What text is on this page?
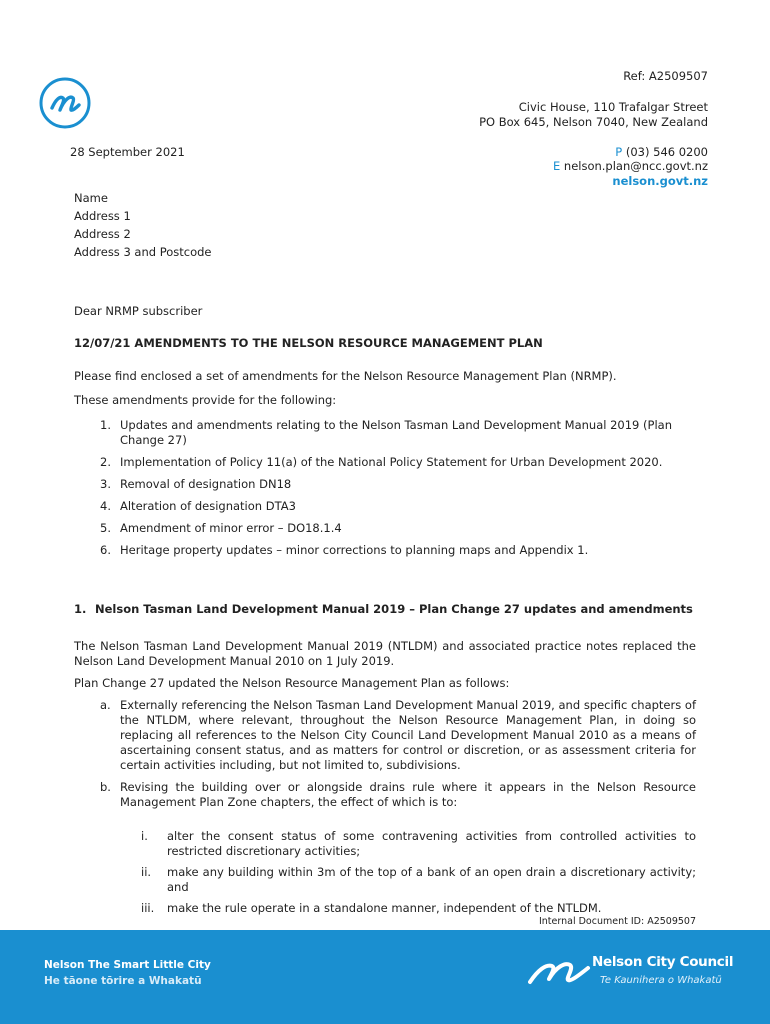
Ref: A2509507
Civic House, 110 Trafalgar Street
PO Box 645, Nelson 7040, New Zealand
P (03) 546 0200
E nelson.plan@ncc.govt.nz
nelson.govt.nz
28 September 2021
Name
Address 1
Address 2
Address 3 and Postcode
Dear NRMP subscriber
12/07/21 AMENDMENTS TO THE NELSON RESOURCE MANAGEMENT PLAN
Please find enclosed a set of amendments for the Nelson Resource Management Plan (NRMP).
These amendments provide for the following:
1. Updates and amendments relating to the Nelson Tasman Land Development Manual 2019 (Plan Change 27)
2. Implementation of Policy 11(a) of the National Policy Statement for Urban Development 2020.
3. Removal of designation DN18
4. Alteration of designation DTA3
5. Amendment of minor error – DO18.1.4
6. Heritage property updates – minor corrections to planning maps and Appendix 1.
1. Nelson Tasman Land Development Manual 2019 – Plan Change 27 updates and amendments
The Nelson Tasman Land Development Manual 2019 (NTLDM) and associated practice notes replaced the Nelson Land Development Manual 2010 on 1 July 2019.
Plan Change 27 updated the Nelson Resource Management Plan as follows:
a. Externally referencing the Nelson Tasman Land Development Manual 2019, and specific chapters of the NTLDM, where relevant, throughout the Nelson Resource Management Plan, in doing so replacing all references to the Nelson City Council Land Development Manual 2010 as a means of ascertaining consent status, and as matters for control or discretion, or as assessment criteria for certain activities including, but not limited to, subdivisions.
b. Revising the building over or alongside drains rule where it appears in the Nelson Resource Management Plan Zone chapters, the effect of which is to:
i.	alter the consent status of some contravening activities from controlled activities to restricted discretionary activities;
ii.	make any building within 3m of the top of a bank of an open drain a discretionary activity; and
iii.	make the rule operate in a standalone manner, independent of the NTLDM.
Internal Document ID: A2509507
Nelson The Smart Little City
He tāone tōrire a Whakatū
Nelson City Council
Te Kaunihera o Whakatū
